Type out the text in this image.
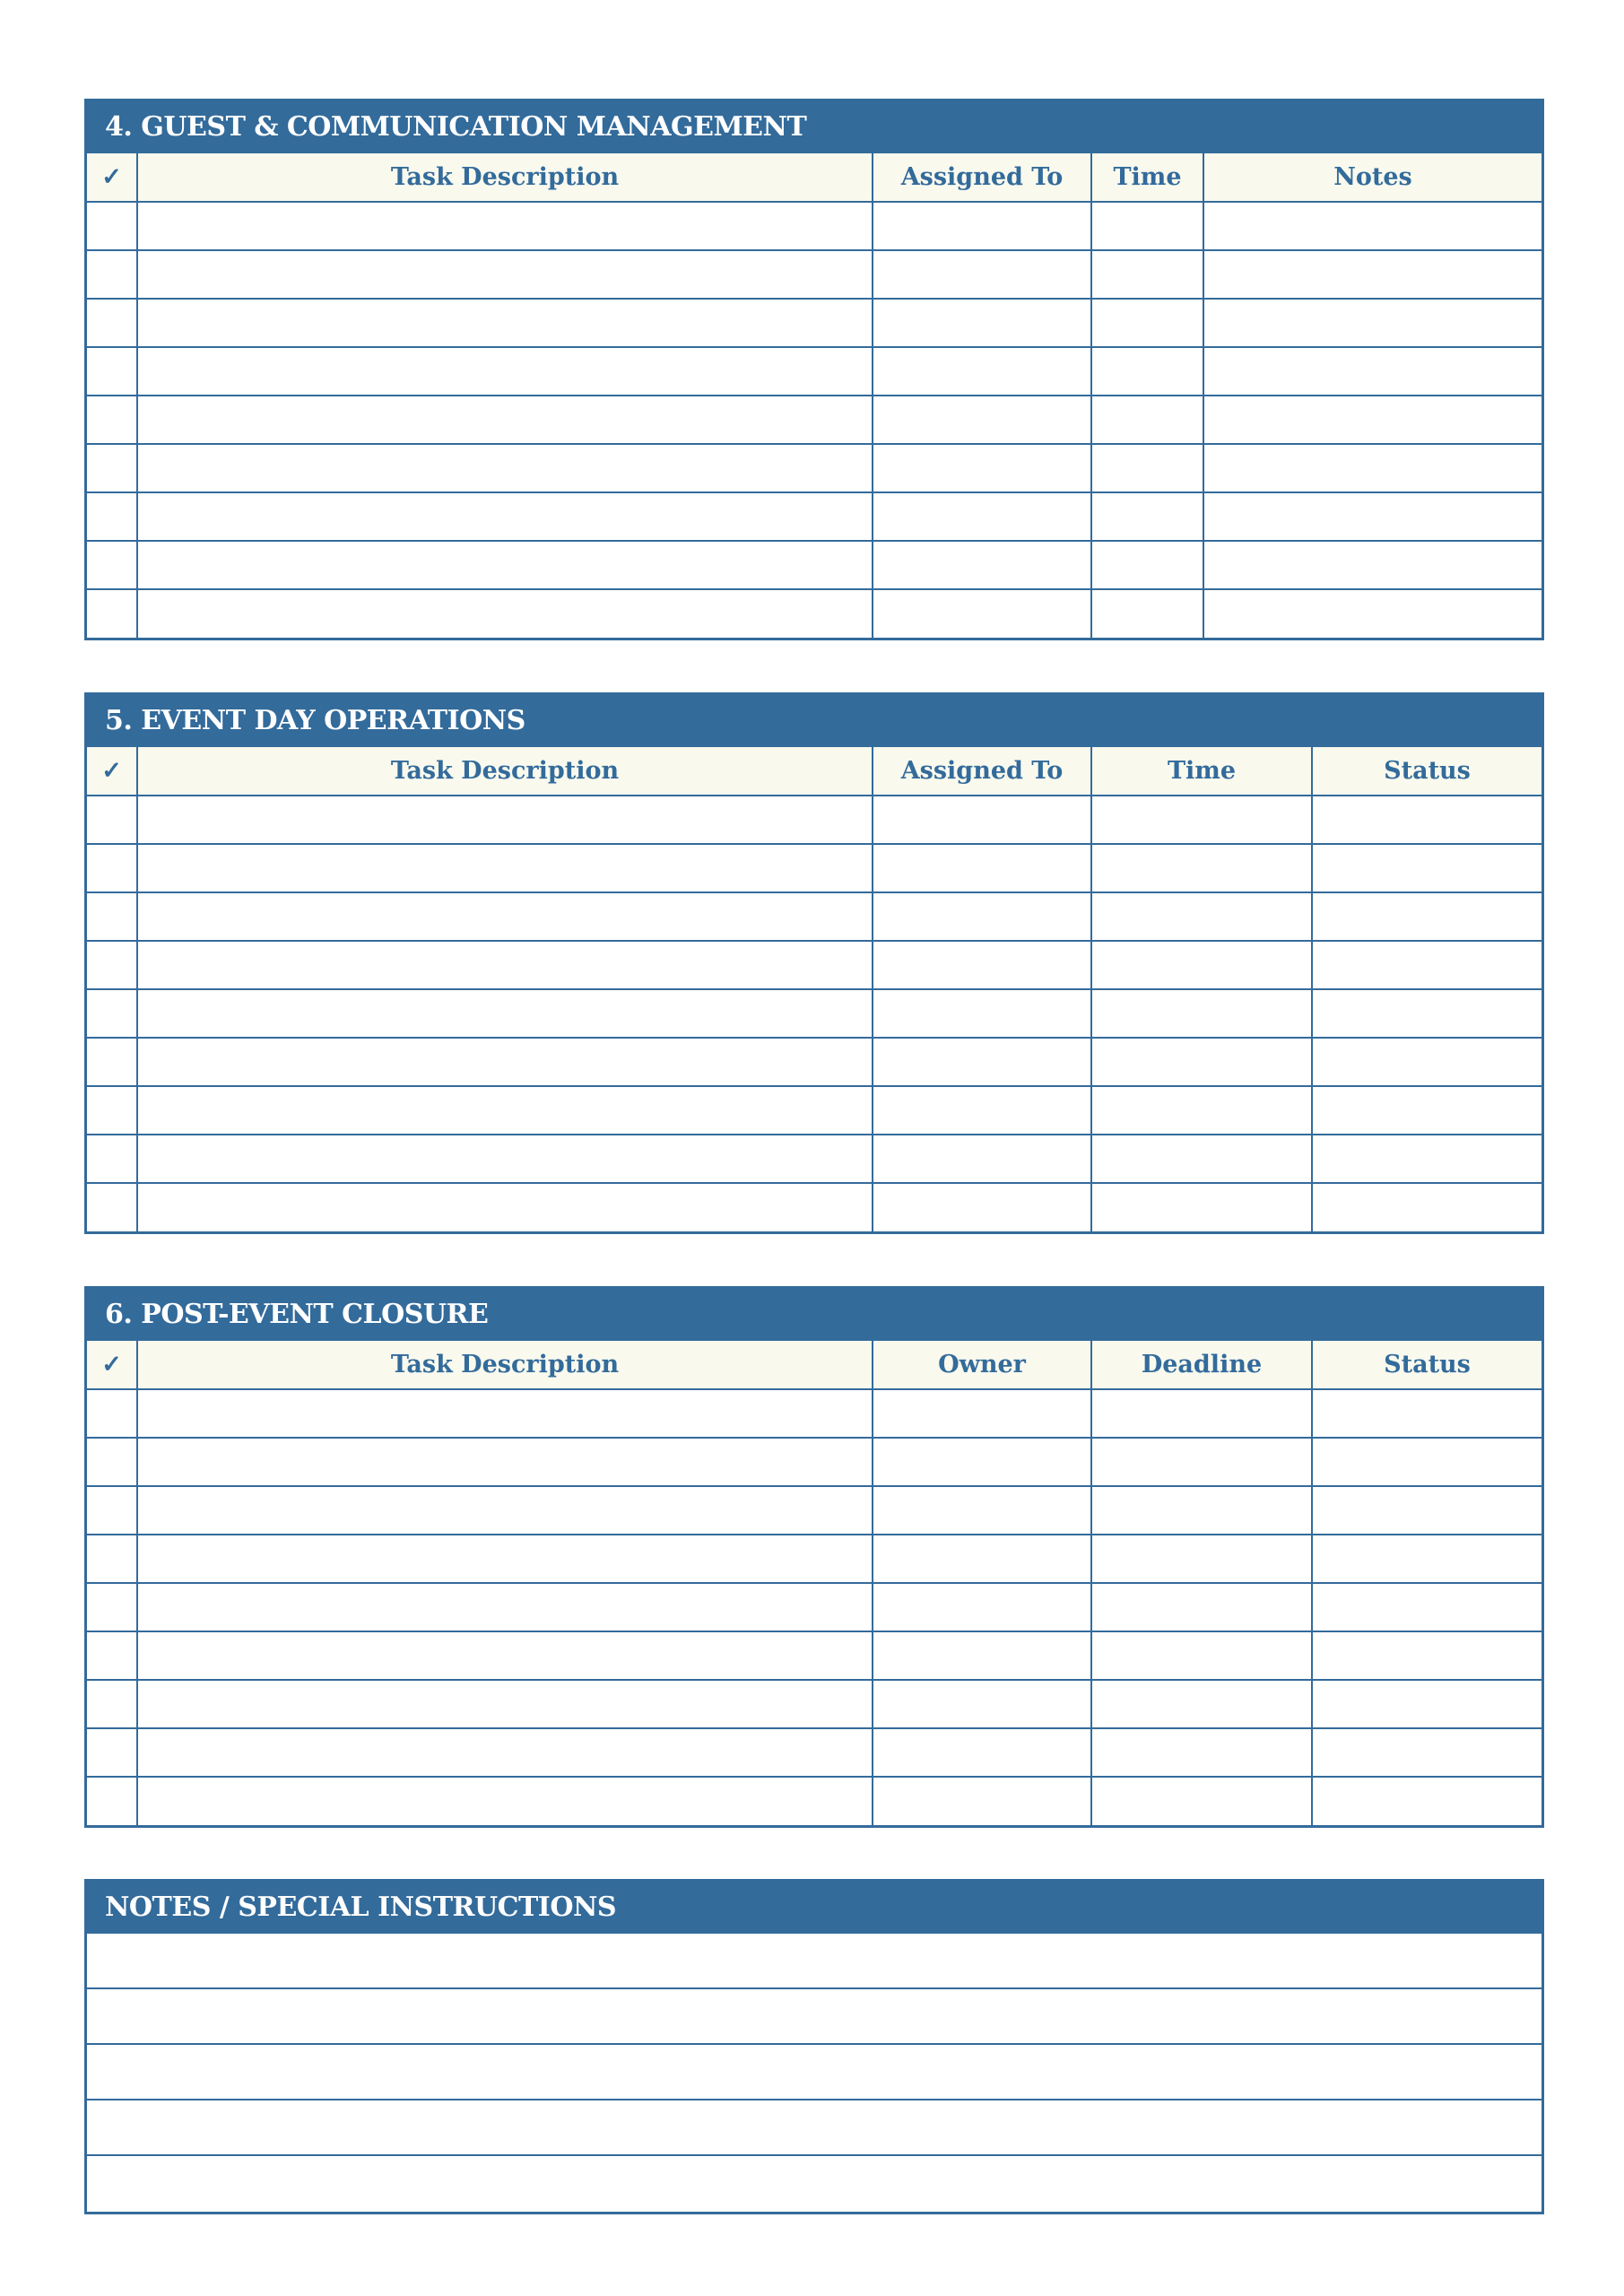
4. GUEST & COMMUNICATION MANAGEMENT
✓	Task Description	Assigned To	Time	Notes

5. EVENT DAY OPERATIONS
✓	Task Description	Assigned To	Time	Status

6. POST-EVENT CLOSURE
✓	Task Description	Owner	Deadline	Status

NOTES / SPECIAL INSTRUCTIONS
